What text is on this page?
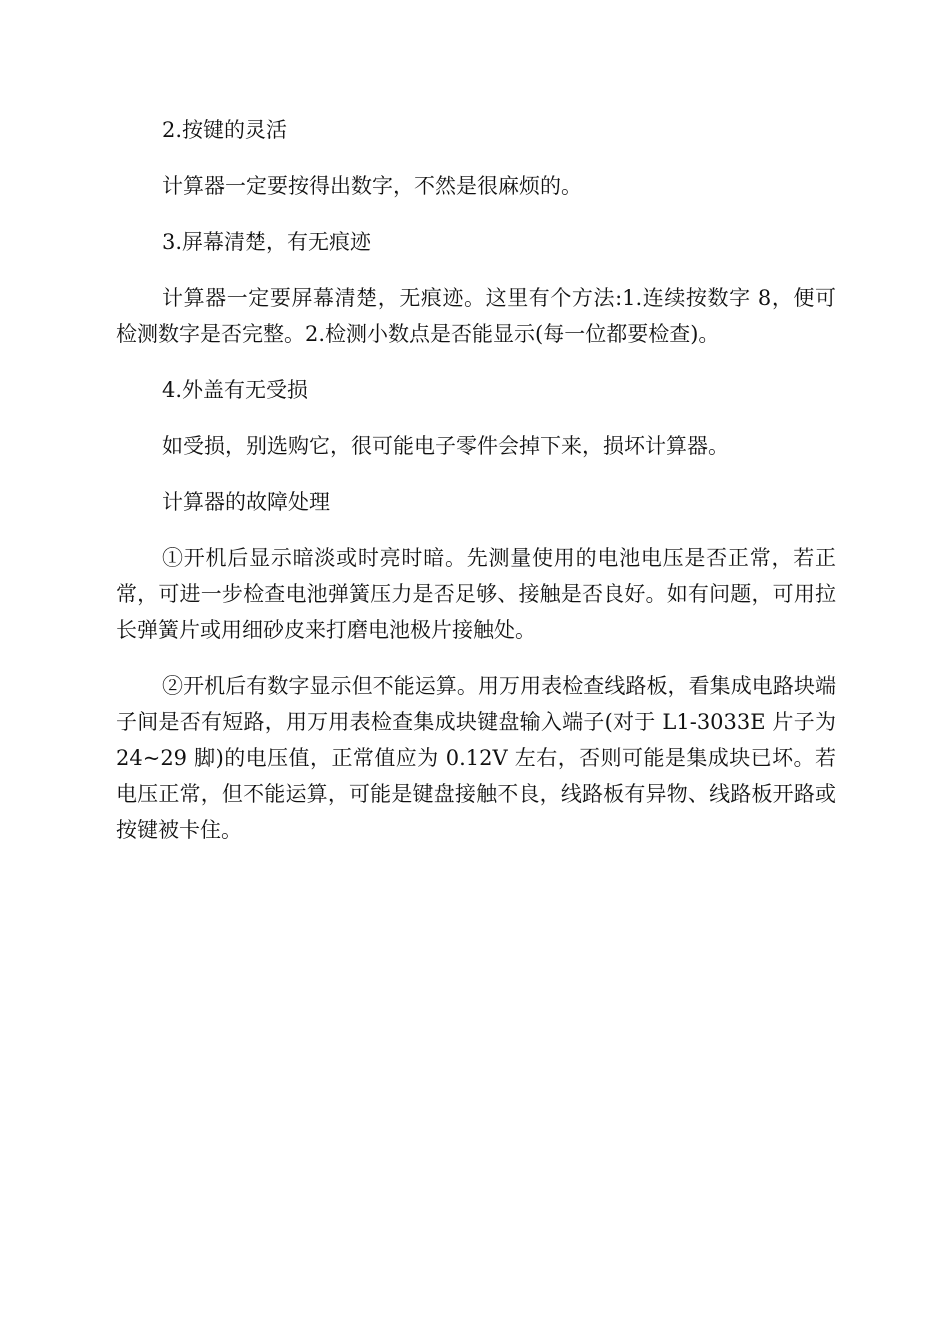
2.按键的灵活

计算器一定要按得出数字，不然是很麻烦的。

3.屏幕清楚，有无痕迹

计算器一定要屏幕清楚，无痕迹。这里有个方法:1.连续按数字 8，便可检测数字是否完整。2.检测小数点是否能显示(每一位都要检查)。

4.外盖有无受损

如受损，别选购它，很可能电子零件会掉下来，损坏计算器。

计算器的故障处理

①开机后显示暗淡或时亮时暗。先测量使用的电池电压是否正常，若正常，可进一步检查电池弹簧压力是否足够、接触是否良好。如有问题，可用拉长弹簧片或用细砂皮来打磨电池极片接触处。

②开机后有数字显示但不能运算。用万用表检查线路板，看集成电路块端子间是否有短路，用万用表检查集成块键盘输入端子(对于 L1-3033E 片子为 24~29 脚)的电压值，正常值应为 0.12V 左右，否则可能是集成块已坏。若电压正常，但不能运算，可能是键盘接触不良，线路板有异物、线路板开路或按键被卡住。
